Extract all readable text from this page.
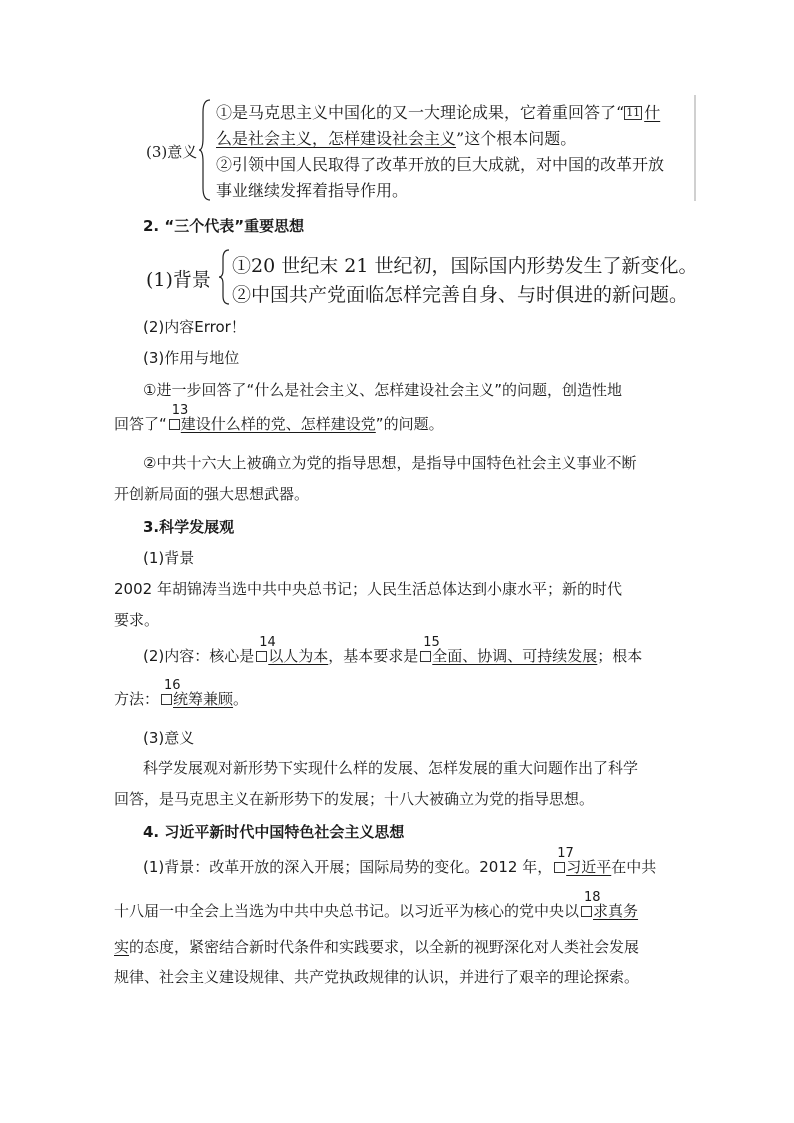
(3)意义
①是马克思主义中国化的又一大理论成果，它着重回答了“ 11 什
么是社会主义，怎样建设社会主义”这个根本问题。
②引领中国人民取得了改革开放的巨大成就，对中国的改革开放
事业继续发挥着指导作用。
2. “三个代表”重要思想
(1)背景
①20 世纪末 21 世纪初，国际国内形势发生了新变化。
②中国共产党面临怎样完善自身、与时俱进的新问题。
(2)内容Error！
(3)作用与地位
①进一步回答了“什么是社会主义、怎样建设社会主义”的问题，创造性地
回答了“
13
建设什么样的党、怎样建设党”的问题。
②中共十六大上被确立为党的指导思想，是指导中国特色社会主义事业不断
开创新局面的强大思想武器。
3.科学发展观
(1)背景
2002 年胡锦涛当选中共中央总书记；人民生活总体达到小康水平；新的时代
要求。
(2)内容：核心是
14
以人为本，基本要求是
15
全面、协调、可持续发展；根本
方法：
16
统筹兼顾。
(3)意义
科学发展观对新形势下实现什么样的发展、怎样发展的重大问题作出了科学
回答，是马克思主义在新形势下的发展；十八大被确立为党的指导思想。
4. 习近平新时代中国特色社会主义思想
(1)背景：改革开放的深入开展；国际局势的变化。2012 年，
17
习近平在中共
十八届一中全会上当选为中共中央总书记。以习近平为核心的党中央以
18
求真务
实的态度，紧密结合新时代条件和实践要求，以全新的视野深化对人类社会发展
规律、社会主义建设规律、共产党执政规律的认识，并进行了艰辛的理论探索。
